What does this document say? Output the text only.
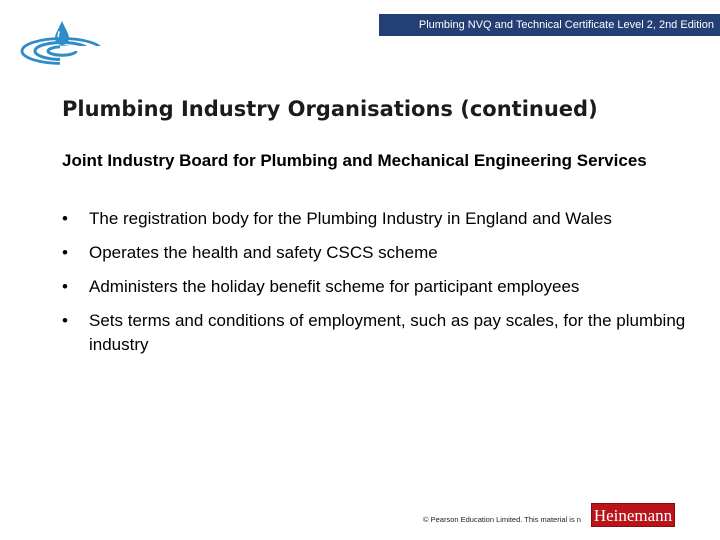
Plumbing NVQ and Technical Certificate Level 2, 2nd Edition
Plumbing Industry Organisations (continued)
Joint Industry Board for Plumbing and Mechanical Engineering Services
• The registration body for the Plumbing Industry in England and Wales
• Operates the health and safety CSCS scheme
• Administers the holiday benefit scheme for participant employees
• Sets terms and conditions of employment, such as pay scales, for the plumbing industry
© Pearson Education Limited. This material is n Heinemann
